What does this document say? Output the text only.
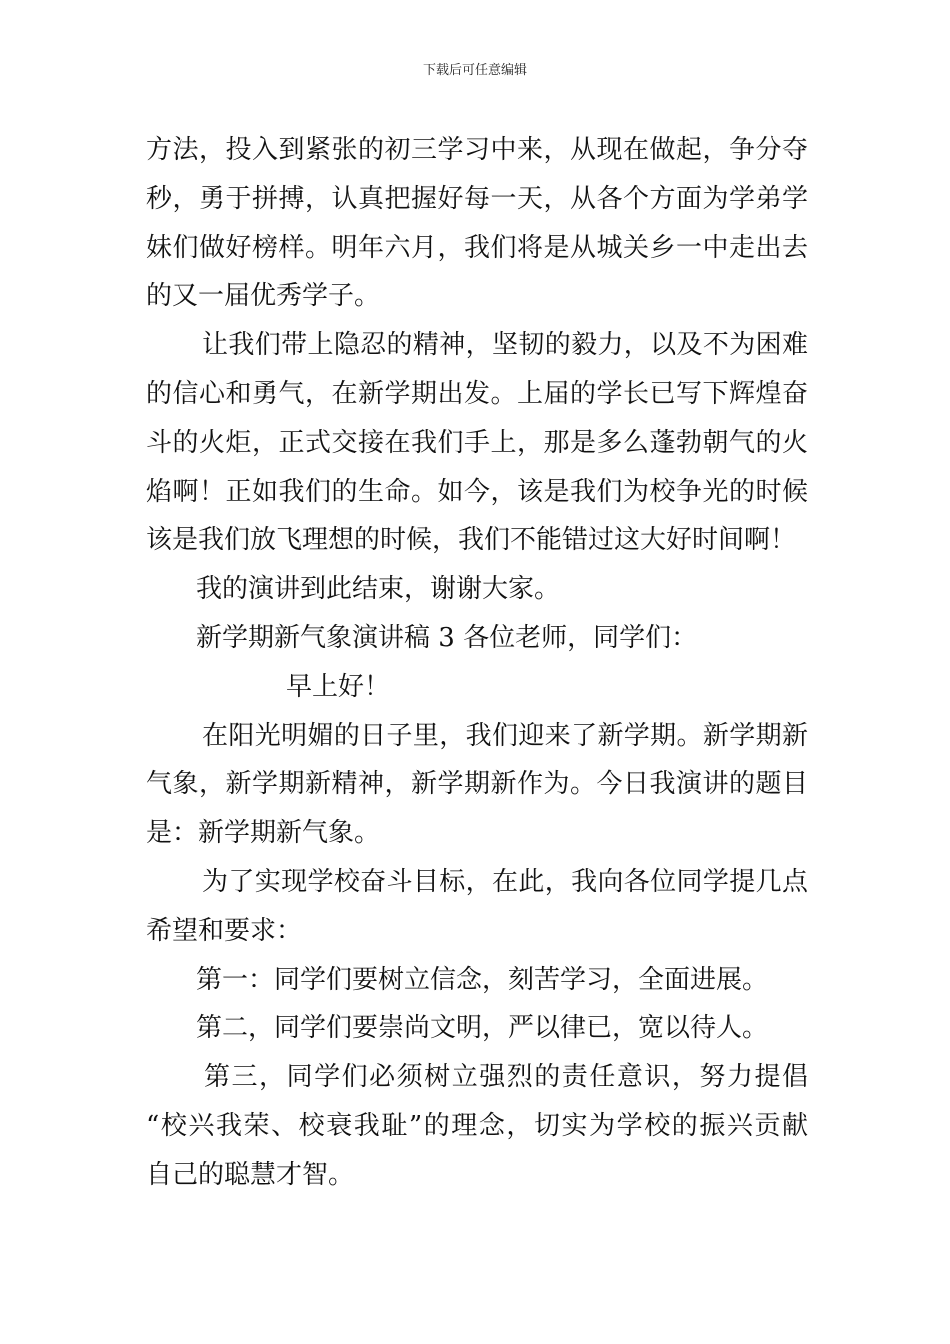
下载后可任意编辑
方法，投入到紧张的初三学习中来，从现在做起，争分夺
秒，勇于拼搏，认真把握好每一天，从各个方面为学弟学
妹们做好榜样。明年六月，我们将是从城关乡一中走出去
的又一届优秀学子。
让我们带上隐忍的精神，坚韧的毅力，以及不为困难
的信心和勇气，在新学期出发。上届的学长已写下辉煌奋
斗的火炬，正式交接在我们手上，那是多么蓬勃朝气的火
焰啊！正如我们的生命。如今，该是我们为校争光的时候
该是我们放飞理想的时候，我们不能错过这大好时间啊！
我的演讲到此结束，谢谢大家。
新学期新气象演讲稿 3 各位老师，同学们：
早上好！
在阳光明媚的日子里，我们迎来了新学期。新学期新
气象，新学期新精神，新学期新作为。今日我演讲的题目
是：新学期新气象。
为了实现学校奋斗目标，在此，我向各位同学提几点
希望和要求：
第一：同学们要树立信念，刻苦学习，全面进展。
第二，同学们要崇尚文明，严以律已，宽以待人。
第三，同学们必须树立强烈的责任意识，努力提倡
“校兴我荣、校衰我耻”的理念，切实为学校的振兴贡献
自己的聪慧才智。
